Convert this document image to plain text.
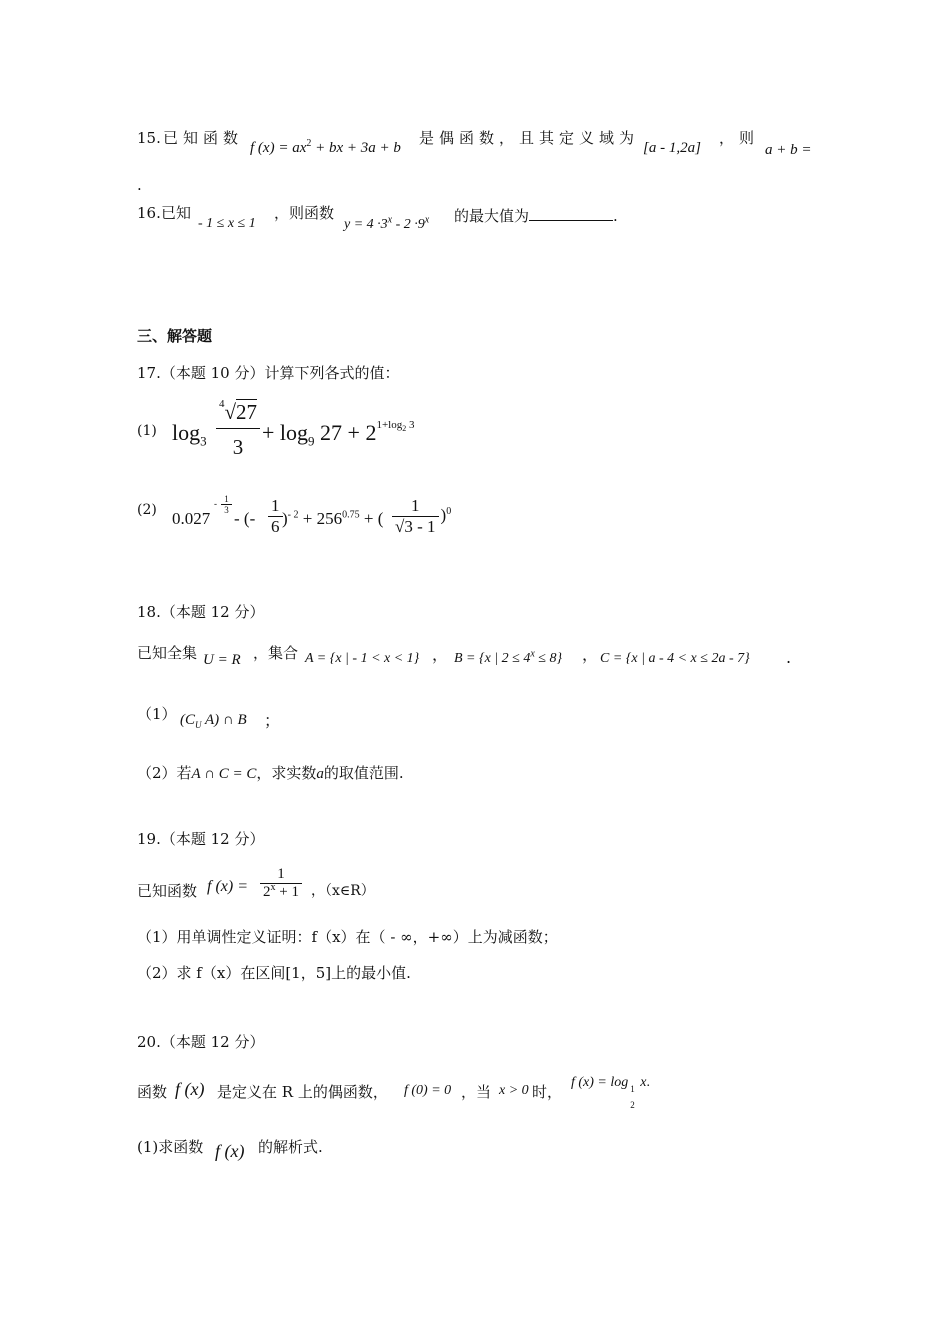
15. 已知函数
f $(x) = ax^2$ + bx + 3a + b
是偶函数，且其定义域为
[a - 1,2a]
，则
a + b =
.
16. 已知
- 1 ≤ x ≤ 1
，则函数
$y = 4 \cdot 3^x - 2 \cdot 9^x$ 的最大值为	.
三、解答题
17.（本题 10 分）计算下列各式的值：
(1) $\log_3 \frac{^4√27}{3} + \log_9 27 + 2^{1+log_2 3}$
(2) 0.027
- $\frac{1}{3}$
- (- $\frac{1}{6} )^{- 2} + 256^{0.75}$ + ( $\frac{1}{√3 - 1} )^0$
18.（本题 12 分）
已知全集 U = R ，集合 A = {x | - 1 < x < 1} ， B = {x | $2 \le 4^x \le 8$} ， C = {x | a - 4 < x ≤ 2a - 7} .
（1） ($C_U$ A) ∩ B ；
（2）若A ∩ C = C，求实数a的取值范围.
19.（本题 12 分）
已知函数 f $(x) = \frac{1}{2^x + 1}$ ，（x∈R）
（1）用单调性定义证明：f（x）在（ - ∞，+∞）上为减函数；
（2）求 f（x）在区间[1，5]上的最小值.
20.（本题 12 分）
函数 f (x) 是定义在 R 上的偶函数， f (0) = 0 ，当 x > 0 时，
f (x) = log 1
2
x.
(1)求函数 f (x) 的解析式.
